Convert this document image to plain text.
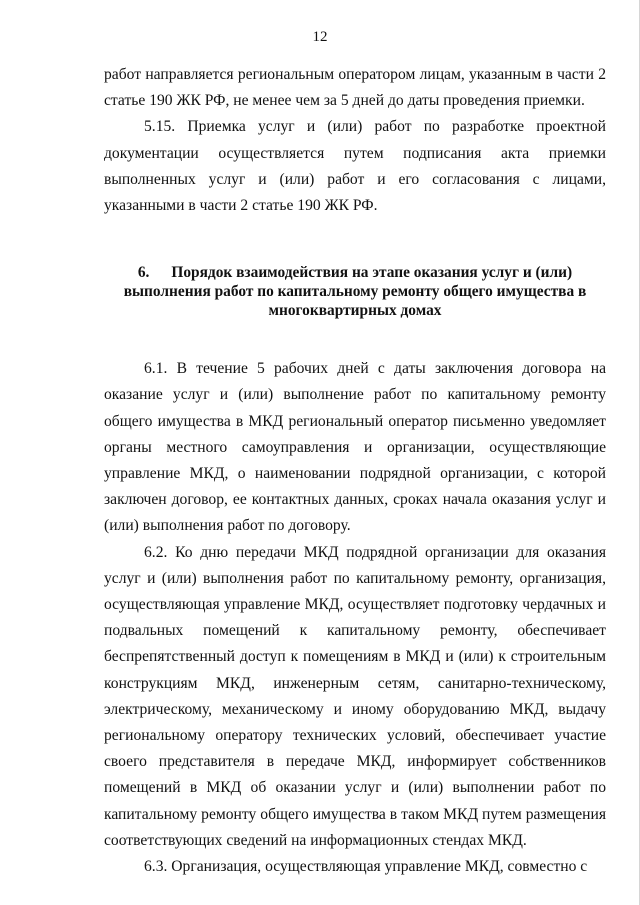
12

работ направляется региональным оператором лицам, указанным в части 2 статье 190 ЖК РФ, не менее чем за 5 дней до даты проведения приемки.

5.15. Приемка услуг и (или) работ по разработке проектной документации осуществляется путем подписания акта приемки выполненных услуг и (или) работ и его согласования с лицами, указанными в части 2 статье 190 ЖК РФ.

6. Порядок взаимодействия на этапе оказания услуг и (или) выполнения работ по капитальному ремонту общего имущества в многоквартирных домах

6.1. В течение 5 рабочих дней с даты заключения договора на оказание услуг и (или) выполнение работ по капитальному ремонту общего имущества в МКД региональный оператор письменно уведомляет органы местного самоуправления и организации, осуществляющие управление МКД, о наименовании подрядной организации, с которой заключен договор, ее контактных данных, сроках начала оказания услуг и (или) выполнения работ по договору.

6.2. Ко дню передачи МКД подрядной организации для оказания услуг и (или) выполнения работ по капитальному ремонту, организация, осуществляющая управление МКД, осуществляет подготовку чердачных и подвальных помещений к капитальному ремонту, обеспечивает беспрепятственный доступ к помещениям в МКД и (или) к строительным конструкциям МКД, инженерным сетям, санитарно-техническому, электрическому, механическому и иному оборудованию МКД, выдачу региональному оператору технических условий, обеспечивает участие своего представителя в передаче МКД, информирует собственников помещений в МКД об оказании услуг и (или) выполнении работ по капитальному ремонту общего имущества в таком МКД путем размещения соответствующих сведений на информационных стендах МКД.

6.3. Организация, осуществляющая управление МКД, совместно с
